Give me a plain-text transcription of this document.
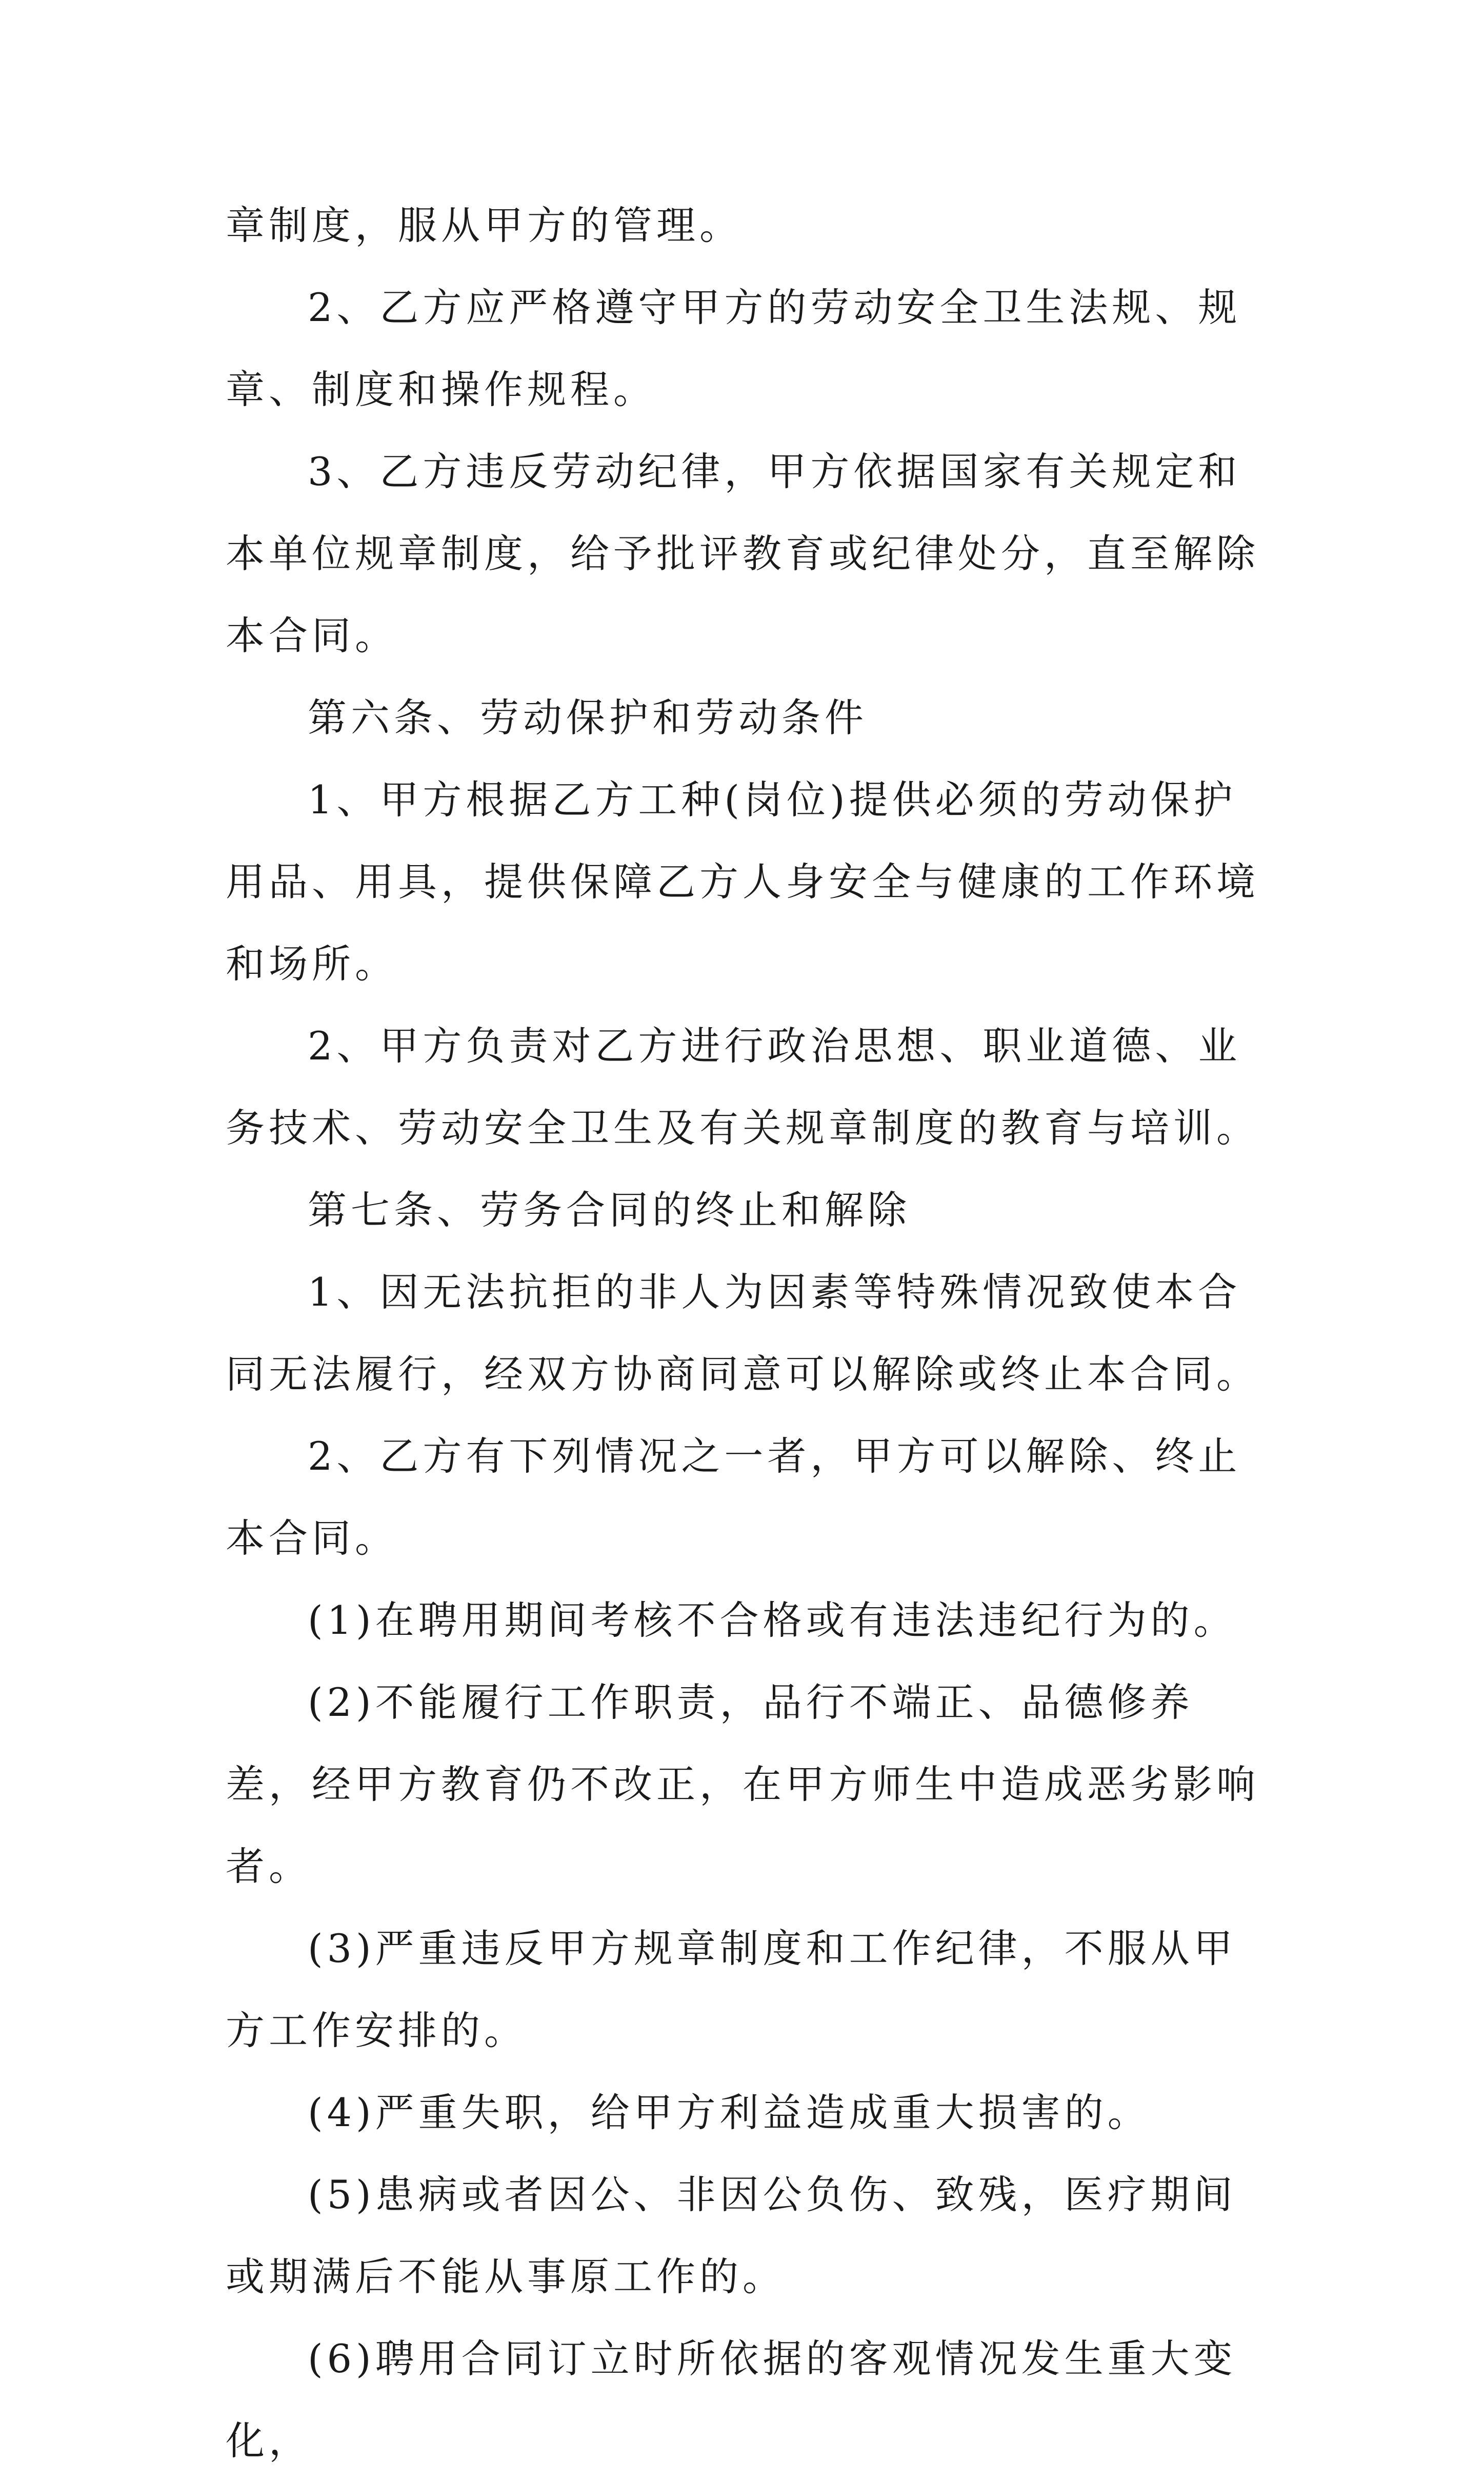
章制度，服从甲方的管理。

2、乙方应严格遵守甲方的劳动安全卫生法规、规章、制度和操作规程。

3、乙方违反劳动纪律，甲方依据国家有关规定和本单位规章制度，给予批评教育或纪律处分，直至解除本合同。

第六条、劳动保护和劳动条件

1、甲方根据乙方工种(岗位)提供必须的劳动保护用品、用具，提供保障乙方人身安全与健康的工作环境和场所。

2、甲方负责对乙方进行政治思想、职业道德、业务技术、劳动安全卫生及有关规章制度的教育与培训。

第七条、劳务合同的终止和解除

1、因无法抗拒的非人为因素等特殊情况致使本合同无法履行，经双方协商同意可以解除或终止本合同。

2、乙方有下列情况之一者，甲方可以解除、终止本合同。

(1)在聘用期间考核不合格或有违法违纪行为的。

(2)不能履行工作职责，品行不端正、品德修养差，经甲方教育仍不改正，在甲方师生中造成恶劣影响者。

(3)严重违反甲方规章制度和工作纪律，不服从甲方工作安排的。

(4)严重失职，给甲方利益造成重大损害的。

(5)患病或者因公、非因公负伤、致残，医疗期间或期满后不能从事原工作的。

(6)聘用合同订立时所依据的客观情况发生重大变化，
